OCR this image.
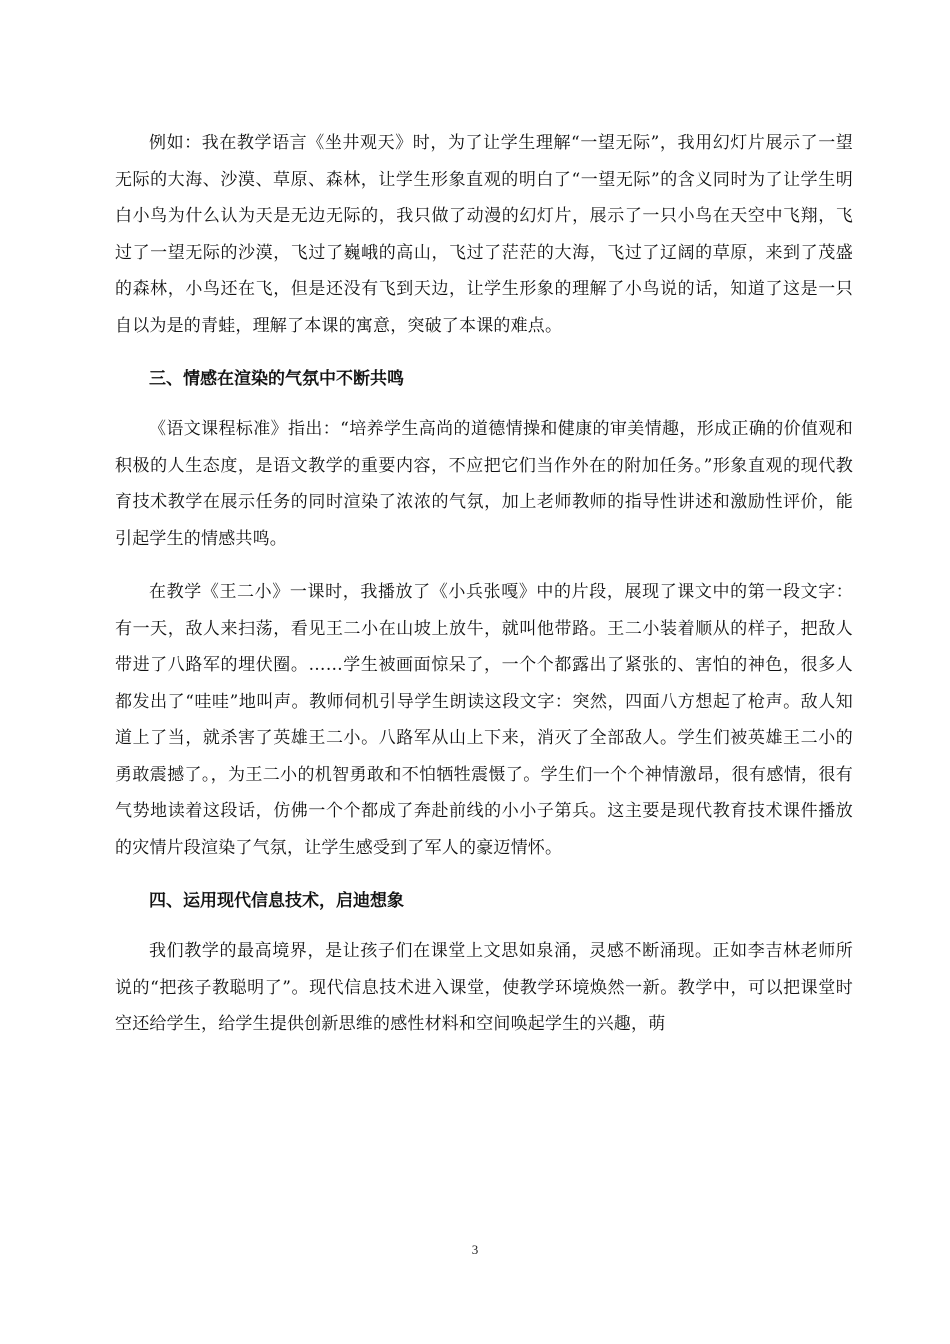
例如：我在教学语言《坐井观天》时，为了让学生理解“一望无际”，我用幻灯片展示了一望无际的大海、沙漠、草原、森林，让学生形象直观的明白了“一望无际”的含义同时为了让学生明白小鸟为什么认为天是无边无际的，我只做了动漫的幻灯片，展示了一只小鸟在天空中飞翔，飞过了一望无际的沙漠，飞过了巍峨的高山，飞过了茫茫的大海，飞过了辽阔的草原，来到了茂盛的森林，小鸟还在飞，但是还没有飞到天边，让学生形象的理解了小鸟说的话，知道了这是一只自以为是的青蛙，理解了本课的寓意，突破了本课的难点。

三、情感在渲染的气氛中不断共鸣

《语文课程标准》指出：“培养学生高尚的道德情操和健康的审美情趣，形成正确的价值观和积极的人生态度，是语文教学的重要内容，不应把它们当作外在的附加任务。”形象直观的现代教育技术教学在展示任务的同时渲染了浓浓的气氛，加上老师教师的指导性讲述和激励性评价，能引起学生的情感共鸣。

在教学《王二小》一课时，我播放了《小兵张嘎》中的片段，展现了课文中的第一段文字：有一天，敌人来扫荡，看见王二小在山坡上放牛，就叫他带路。王二小装着顺从的样子，把敌人带进了八路军的埋伏圈。……学生被画面惊呆了，一个个都露出了紧张的、害怕的神色，很多人都发出了“哇哇”地叫声。教师伺机引导学生朗读这段文字：突然，四面八方想起了枪声。敌人知道上了当，就杀害了英雄王二小。八路军从山上下来，消灭了全部敌人。学生们被英雄王二小的勇敢震撼了。，为王二小的机智勇敢和不怕牺牲震慑了。学生们一个个神情激昂，很有感情，很有气势地读着这段话，仿佛一个个都成了奔赴前线的小小子第兵。这主要是现代教育技术课件播放的灾情片段渲染了气氛，让学生感受到了军人的豪迈情怀。

四、运用现代信息技术，启迪想象

我们教学的最高境界，是让孩子们在课堂上文思如泉涌，灵感不断涌现。正如李吉林老师所说的“把孩子教聪明了”。现代信息技术进入课堂，使教学环境焕然一新。教学中，可以把课堂时空还给学生，给学生提供创新思维的感性材料和空间唤起学生的兴趣，萌

3
